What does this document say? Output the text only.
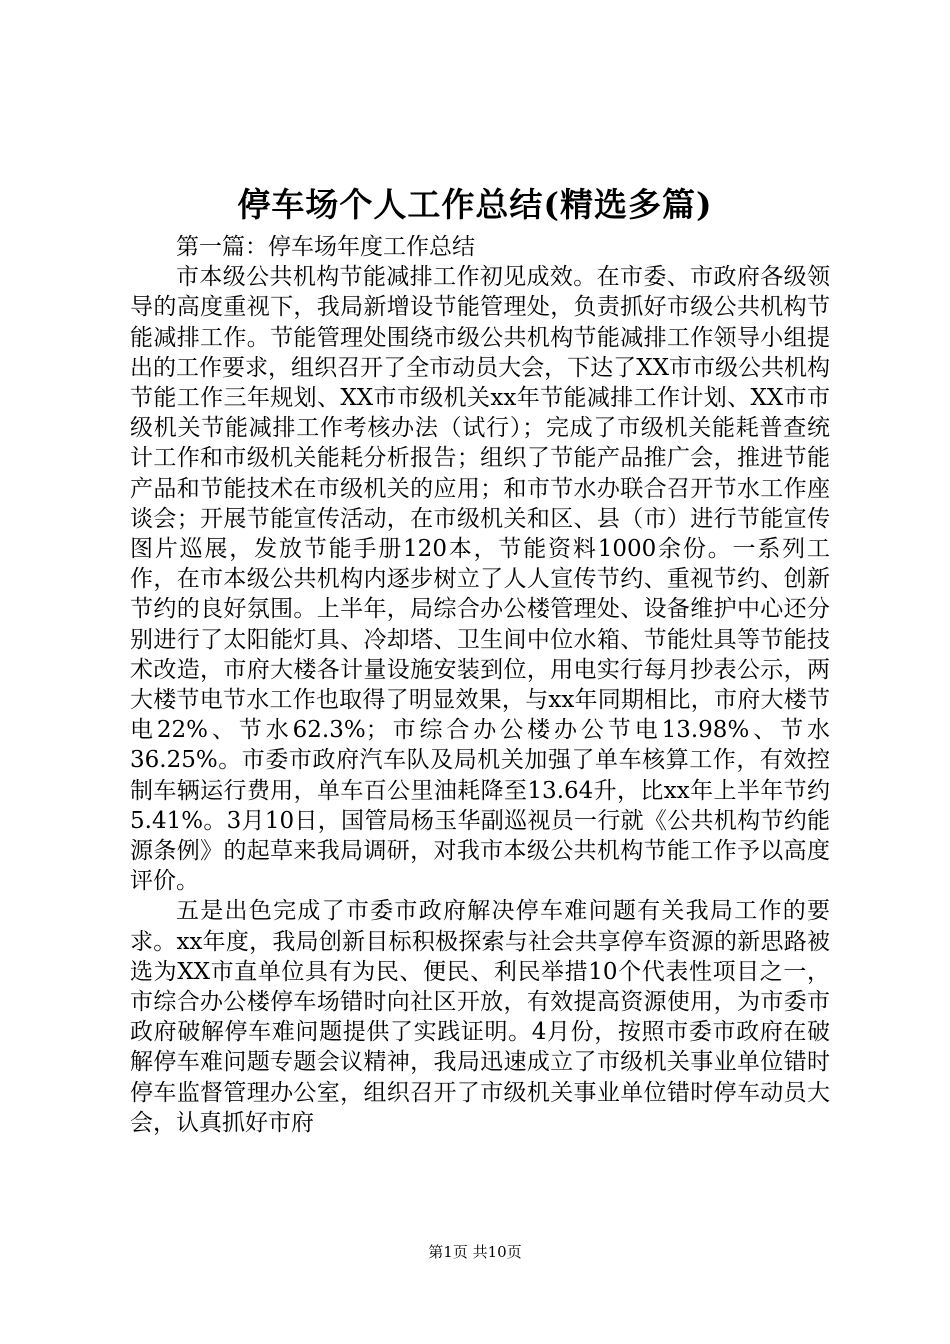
停车场个人工作总结(精选多篇)

第一篇：停车场年度工作总结

市本级公共机构节能减排工作初见成效。在市委、市政府各级领导的高度重视下，我局新增设节能管理处，负责抓好市级公共机构节能减排工作。节能管理处围绕市级公共机构节能减排工作领导小组提出的工作要求，组织召开了全市动员大会，下达了XX市市级公共机构节能工作三年规划、XX市市级机关xx年节能减排工作计划、XX市市级机关节能减排工作考核办法（试行）；完成了市级机关能耗普查统计工作和市级机关能耗分析报告；组织了节能产品推广会，推进节能产品和节能技术在市级机关的应用；和市节水办联合召开节水工作座谈会；开展节能宣传活动，在市级机关和区、县（市）进行节能宣传图片巡展，发放节能手册120本，节能资料1000余份。一系列工作，在市本级公共机构内逐步树立了人人宣传节约、重视节约、创新节约的良好氛围。上半年，局综合办公楼管理处、设备维护中心还分别进行了太阳能灯具、冷却塔、卫生间中位水箱、节能灶具等节能技术改造，市府大楼各计量设施安装到位，用电实行每月抄表公示，两大楼节电节水工作也取得了明显效果，与xx年同期相比，市府大楼节电22%、节水62.3%；市综合办公楼办公节电13.98%、节水36.25%。市委市政府汽车队及局机关加强了单车核算工作，有效控制车辆运行费用，单车百公里油耗降至13.64升，比xx年上半年节约5.41%。3月10日，国管局杨玉华副巡视员一行就《公共机构节约能源条例》的起草来我局调研，对我市本级公共机构节能工作予以高度评价。

五是出色完成了市委市政府解决停车难问题有关我局工作的要求。xx年度，我局创新目标积极探索与社会共享停车资源的新思路被选为XX市直单位具有为民、便民、利民举措10个代表性项目之一，市综合办公楼停车场错时向社区开放，有效提高资源使用，为市委市政府破解停车难问题提供了实践证明。4月份，按照市委市政府在破解停车难问题专题会议精神，我局迅速成立了市级机关事业单位错时停车监督管理办公室，组织召开了市级机关事业单位错时停车动员大会，认真抓好市府

第1页 共10页
